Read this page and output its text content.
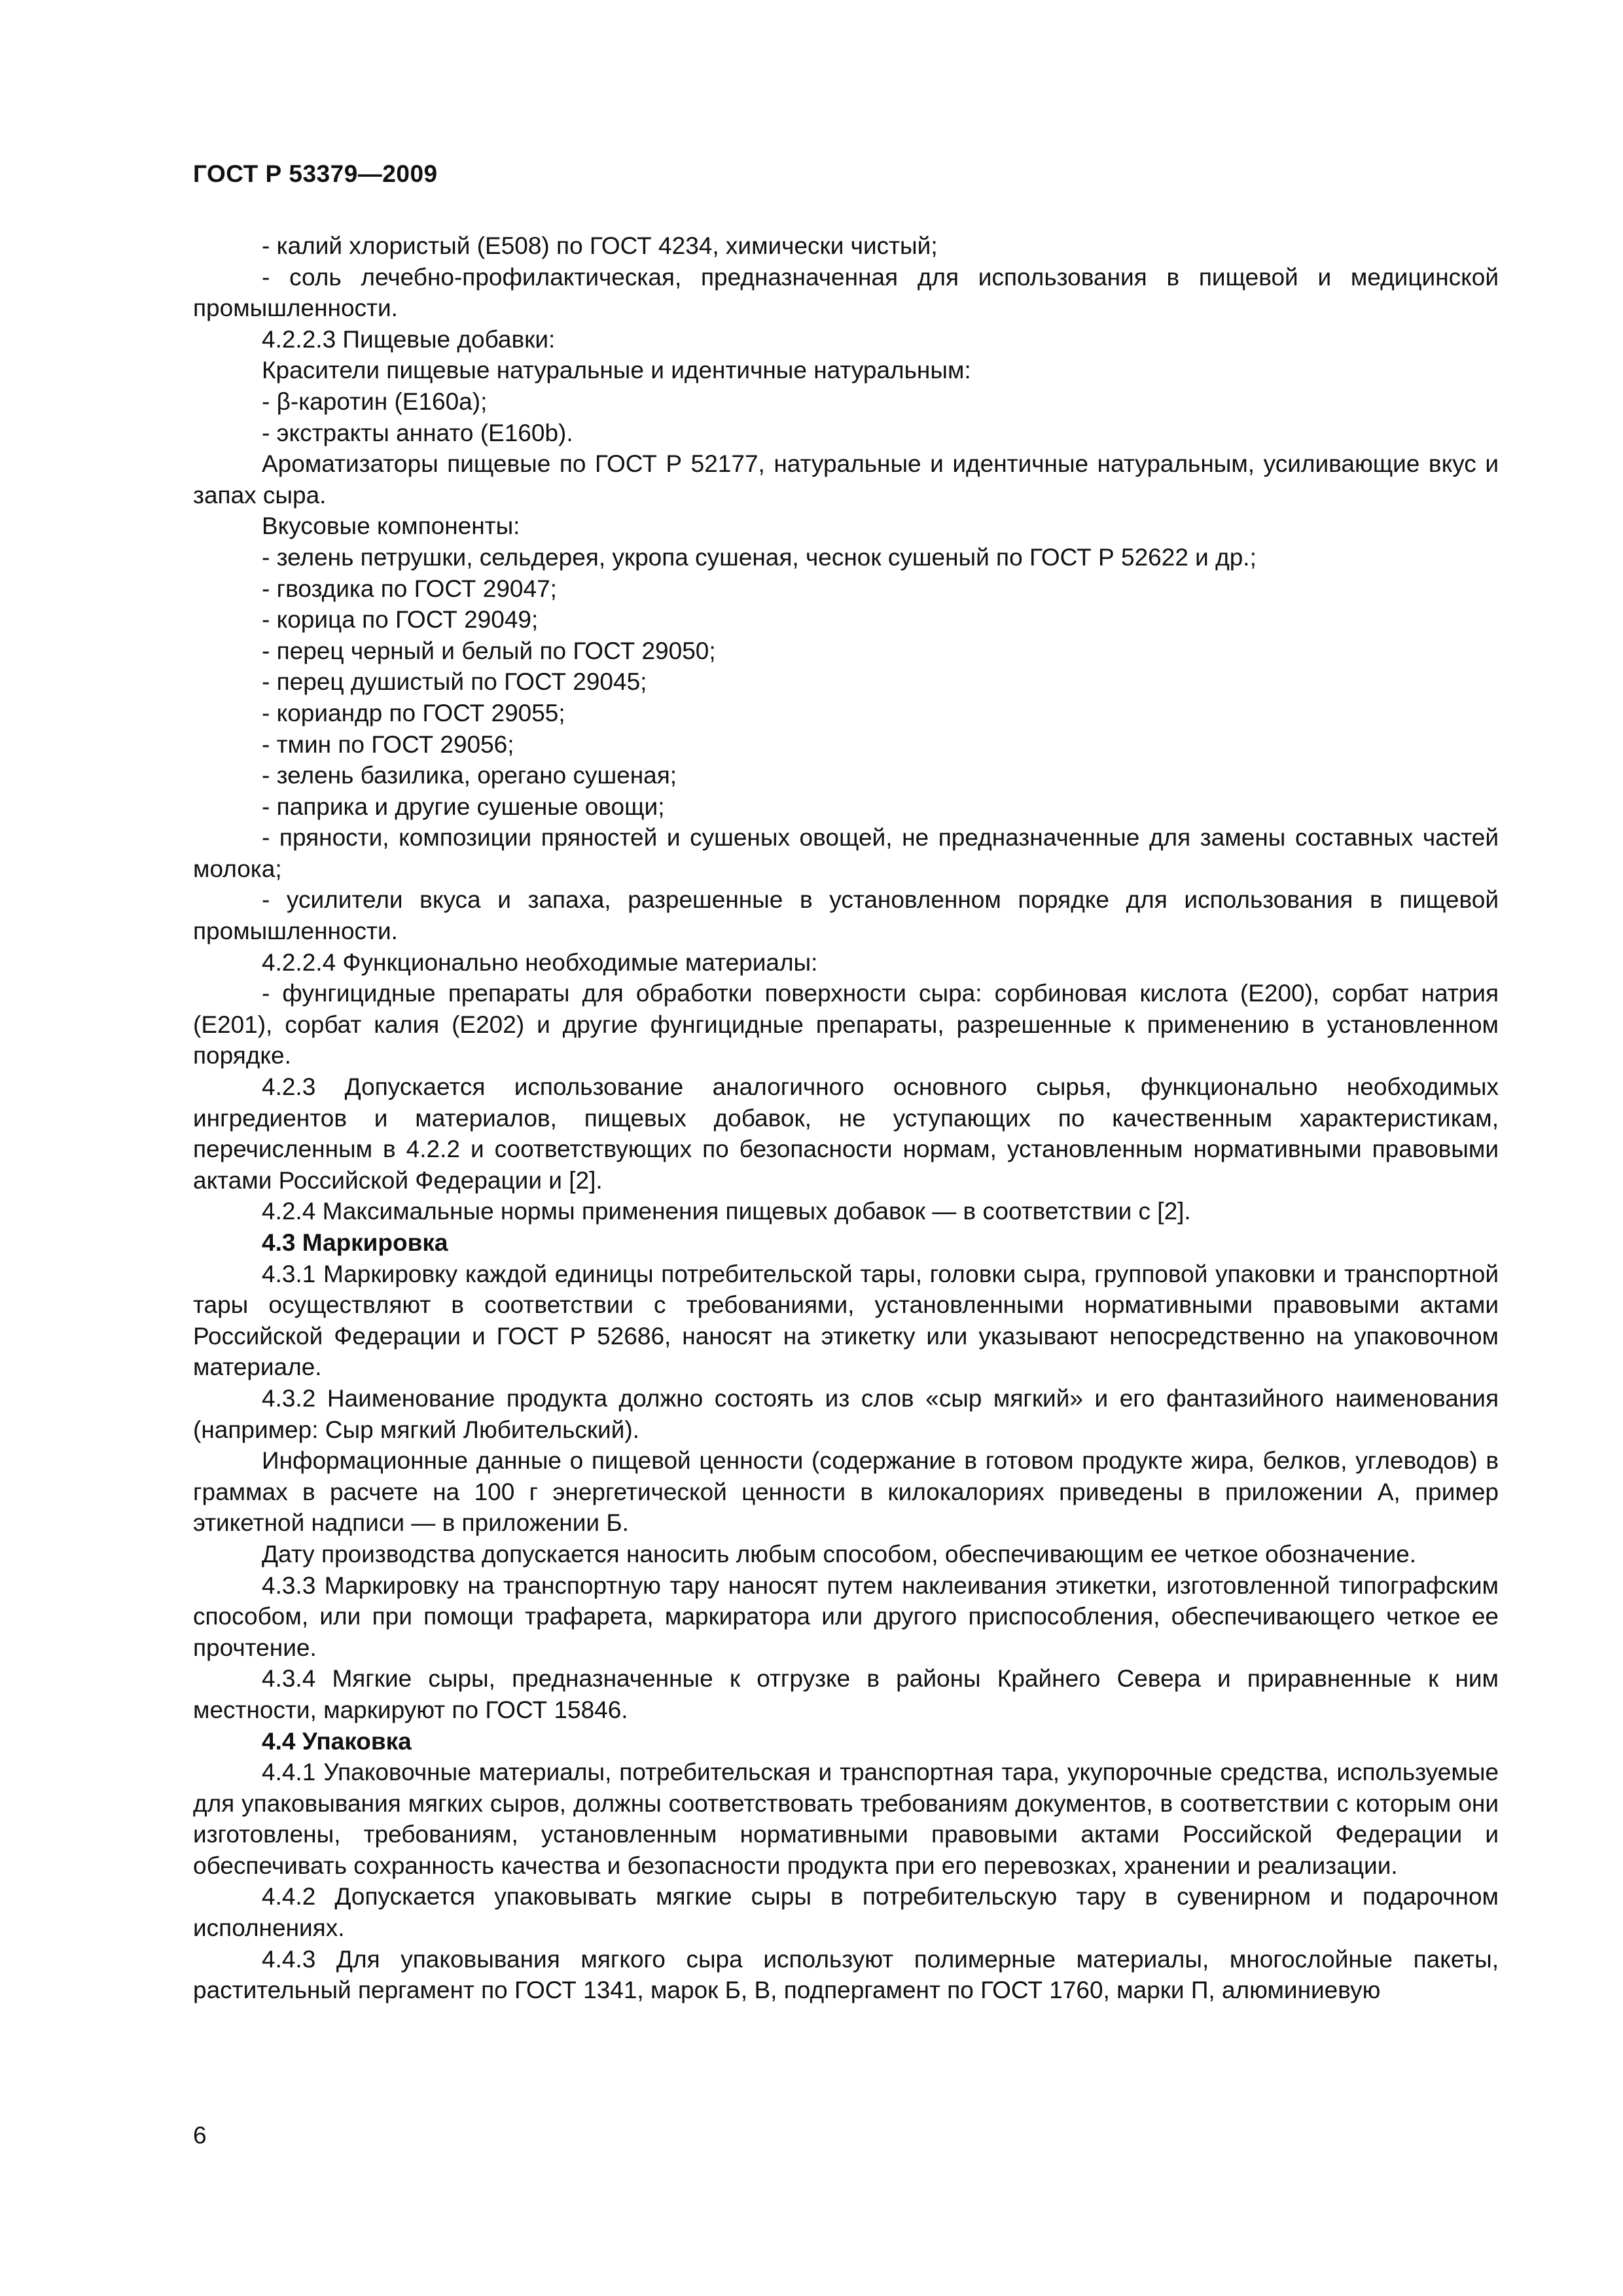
ГОСТ Р 53379—2009

- калий хлористый (Е508) по ГОСТ 4234, химически чистый;

- соль лечебно-профилактическая, предназначенная для использования в пищевой и медицинской промышленности.

4.2.2.3 Пищевые добавки:

Красители пищевые натуральные и идентичные натуральным:

- β-каротин (Е160а);

- экстракты аннато (Е160b).

Ароматизаторы пищевые по ГОСТ Р 52177, натуральные и идентичные натуральным, усиливающие вкус и запах сыра.

Вкусовые компоненты:

- зелень петрушки, сельдерея, укропа сушеная, чеснок сушеный по ГОСТ Р 52622 и др.;

- гвоздика по ГОСТ 29047;

- корица по ГОСТ 29049;

- перец черный и белый по ГОСТ 29050;

- перец душистый по ГОСТ 29045;

- кориандр по ГОСТ 29055;

- тмин по ГОСТ 29056;

- зелень базилика, орегано сушеная;

- паприка и другие сушеные овощи;

- пряности, композиции пряностей и сушеных овощей, не предназначенные для замены составных частей молока;

- усилители вкуса и запаха, разрешенные в установленном порядке для использования в пищевой промышленности.

4.2.2.4 Функционально необходимые материалы:

- фунгицидные препараты для обработки поверхности сыра: сорбиновая кислота (Е200), сорбат натрия (Е201), сорбат калия (Е202) и другие фунгицидные препараты, разрешенные к применению в установленном порядке.

4.2.3 Допускается использование аналогичного основного сырья, функционально необходимых ингредиентов и материалов, пищевых добавок, не уступающих по качественным характеристикам, перечисленным в 4.2.2 и соответствующих по безопасности нормам, установленным нормативными правовыми актами Российской Федерации и [2].

4.2.4 Максимальные нормы применения пищевых добавок — в соответствии с [2].

4.3 Маркировка

4.3.1 Маркировку каждой единицы потребительской тары, головки сыра, групповой упаковки и транспортной тары осуществляют в соответствии с требованиями, установленными нормативными правовыми актами Российской Федерации и ГОСТ Р 52686, наносят на этикетку или указывают непосредственно на упаковочном материале.

4.3.2 Наименование продукта должно состоять из слов «сыр мягкий» и его фантазийного наименования (например: Сыр мягкий Любительский).

Информационные данные о пищевой ценности (содержание в готовом продукте жира, белков, углеводов) в граммах в расчете на 100 г энергетической ценности в килокалориях приведены в приложении А, пример этикетной надписи — в приложении Б.

Дату производства допускается наносить любым способом, обеспечивающим ее четкое обозначение.

4.3.3 Маркировку на транспортную тару наносят путем наклеивания этикетки, изготовленной типографским способом, или при помощи трафарета, маркиратора или другого приспособления, обеспечивающего четкое ее прочтение.

4.3.4 Мягкие сыры, предназначенные к отгрузке в районы Крайнего Севера и приравненные к ним местности, маркируют по ГОСТ 15846.

4.4 Упаковка

4.4.1 Упаковочные материалы, потребительская и транспортная тара, укупорочные средства, используемые для упаковывания мягких сыров, должны соответствовать требованиям документов, в соответствии с которым они изготовлены, требованиям, установленным нормативными правовыми актами Российской Федерации и обеспечивать сохранность качества и безопасности продукта при его перевозках, хранении и реализации.

4.4.2 Допускается упаковывать мягкие сыры в потребительскую тару в сувенирном и подарочном исполнениях.

4.4.3 Для упаковывания мягкого сыра используют полимерные материалы, многослойные пакеты, растительный пергамент по ГОСТ 1341, марок Б, В, подпергамент по ГОСТ 1760, марки П, алюминиевую

6
